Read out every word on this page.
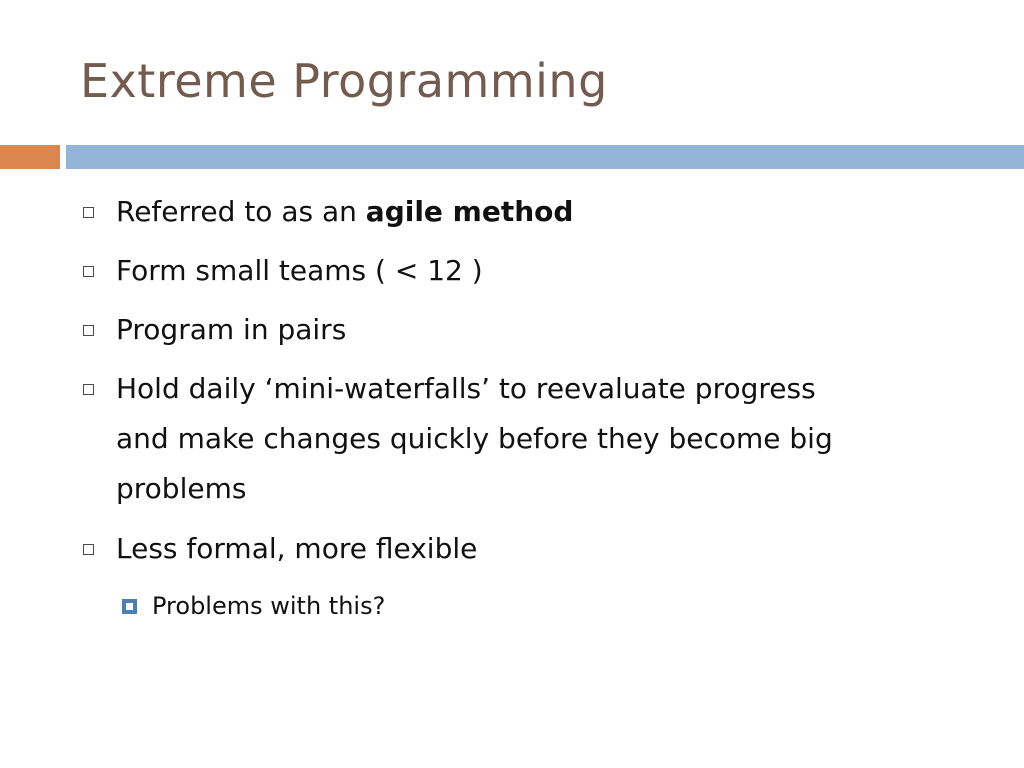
Extreme Programming
Referred to as an agile method
Form small teams ( < 12 )
Program in pairs
Hold daily ‘mini-waterfalls’ to reevaluate progress
and make changes quickly before they become big
problems
Less formal, more flexible
Problems with this?
